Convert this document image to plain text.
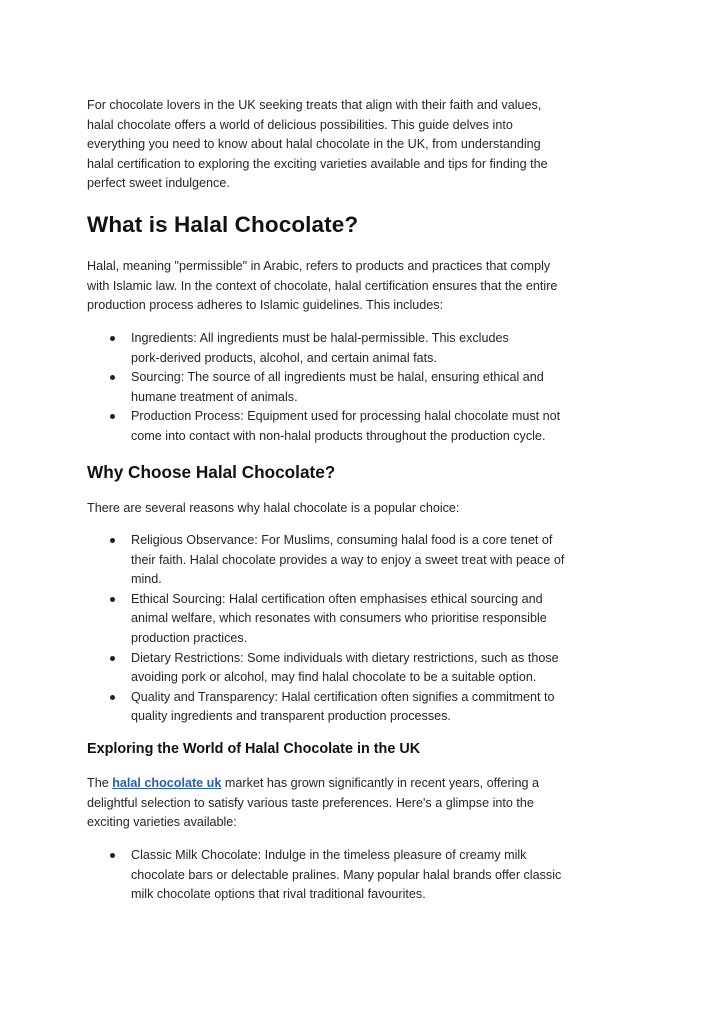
For chocolate lovers in the UK seeking treats that align with their faith and values,
halal chocolate offers a world of delicious possibilities. This guide delves into
everything you need to know about halal chocolate in the UK, from understanding
halal certification to exploring the exciting varieties available and tips for finding the
perfect sweet indulgence.

What is Halal Chocolate?

Halal, meaning "permissible" in Arabic, refers to products and practices that comply
with Islamic law. In the context of chocolate, halal certification ensures that the entire
production process adheres to Islamic guidelines. This includes:

Ingredients: All ingredients must be halal-permissible. This excludes
pork-derived products, alcohol, and certain animal fats.
Sourcing: The source of all ingredients must be halal, ensuring ethical and
humane treatment of animals.
Production Process: Equipment used for processing halal chocolate must not
come into contact with non-halal products throughout the production cycle.
Why Choose Halal Chocolate?

There are several reasons why halal chocolate is a popular choice:

Religious Observance: For Muslims, consuming halal food is a core tenet of
their faith. Halal chocolate provides a way to enjoy a sweet treat with peace of
mind.
Ethical Sourcing: Halal certification often emphasises ethical sourcing and
animal welfare, which resonates with consumers who prioritise responsible
production practices.
Dietary Restrictions: Some individuals with dietary restrictions, such as those
avoiding pork or alcohol, may find halal chocolate to be a suitable option.
Quality and Transparency: Halal certification often signifies a commitment to
quality ingredients and transparent production processes.
Exploring the World of Halal Chocolate in the UK

The halal chocolate uk market has grown significantly in recent years, offering a
delightful selection to satisfy various taste preferences. Here's a glimpse into the
exciting varieties available:

Classic Milk Chocolate: Indulge in the timeless pleasure of creamy milk
chocolate bars or delectable pralines. Many popular halal brands offer classic
milk chocolate options that rival traditional favourites.
